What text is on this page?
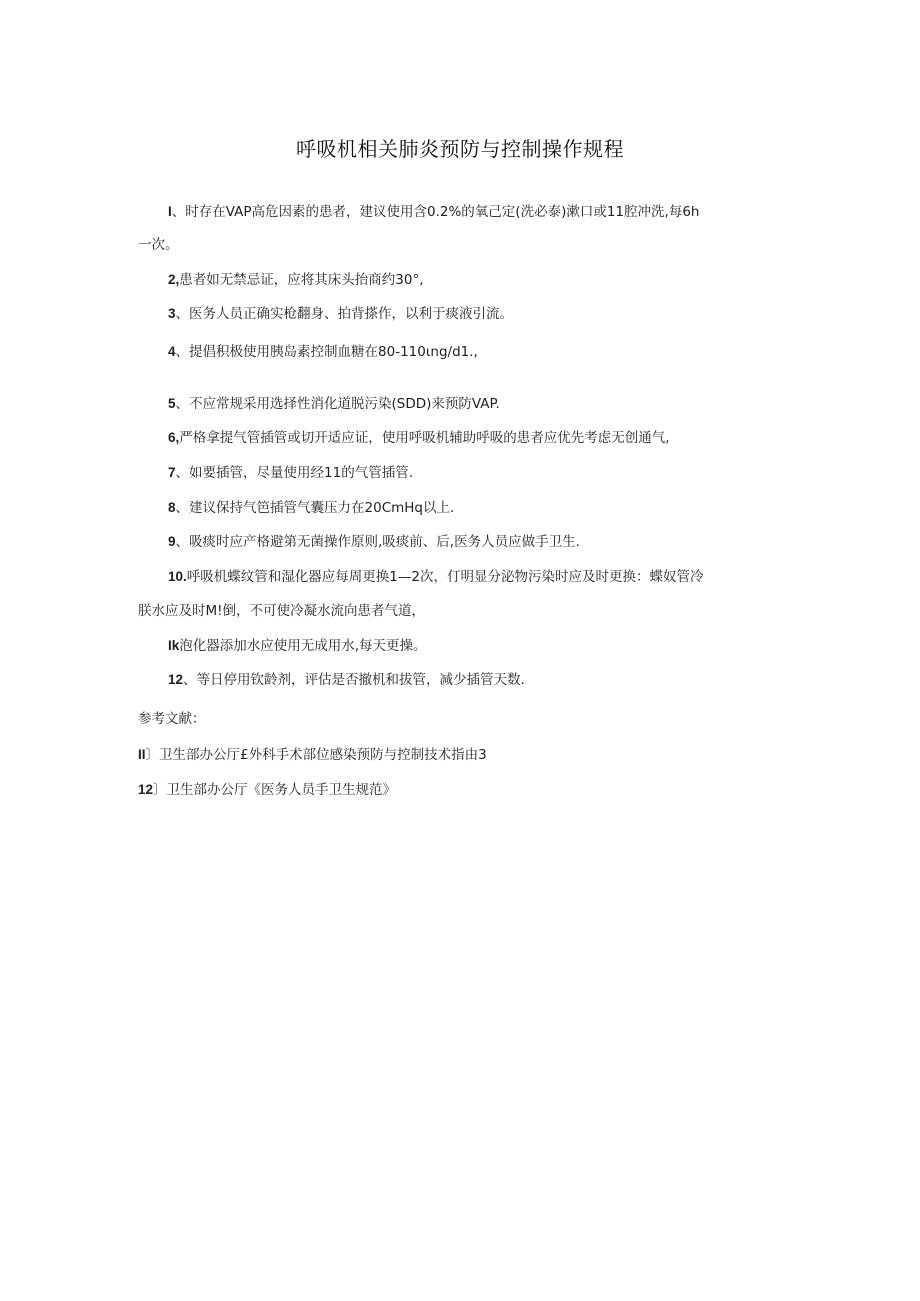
呼吸机相关肺炎预防与控制操作规程
I、时存在VAP高危因素的患者，建议使用含0.2%的氧己定(洗必泰)漱口或11腔冲洗,每6h
一次。
2,患者如无禁忌证，应将其床头抬商约30°,
3、医务人员正确实枪翻身、拍背搽作，以利于痰液引流。
4、提倡积极使用胰岛素控制血糖在80-110ιng∕d1.,
5、不应常规采用选择性消化道脱污染(SDD)来预防VAP.
6,严格拿提气管插管或切开适应证，使用呼吸机辅助呼吸的患者应优先考虑无创通气,
7、如要插管，尽量使用经11的气管插管.
8、建议保持气笆插管气囊压力在20CmHq以上.
9、吸痰时应产格避第无菌操作原则,吸痰前、后,医务人员应做手卫生.
10.呼吸机蝶纹管和湿化器应每周更换1—2次，仃明显分泌物污染时应及时更换：蝶奴管冷
朕水应及时M!倒，不可使冷凝水流向患者气道，
Ik泡化器添加水应使用无成用水,每天更操。
12、等日停用钦龄剂，评估是否撤机和拔管，减少插管天数.
参考文献：
II〕卫生部办公厅£外科手术部位感染预防与控制技术指由3
12〕卫生部办公厅《医务人员手卫生规范》
